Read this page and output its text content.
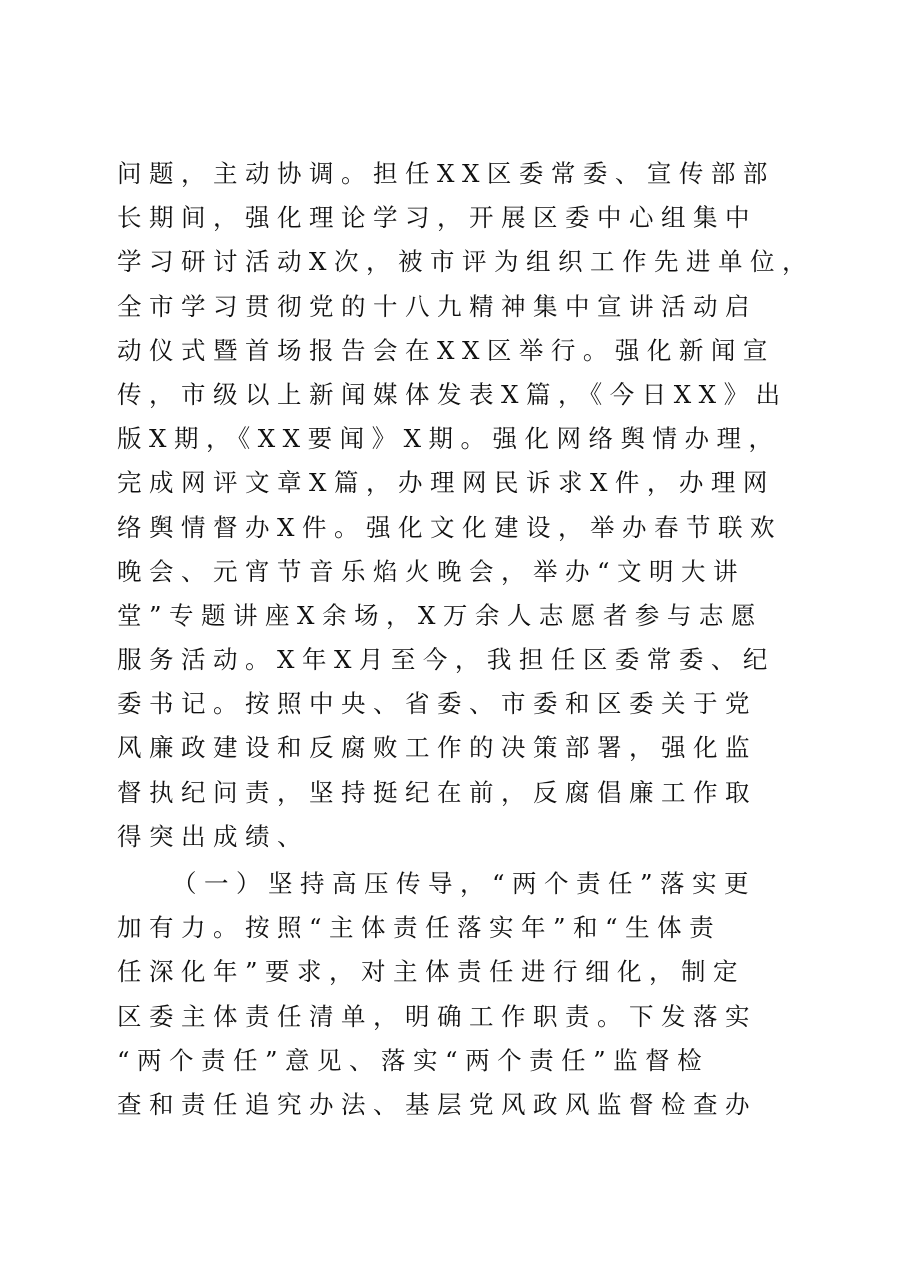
问题，主动协调。担任XX区委常委、宣传部部
长期间，强化理论学习，开展区委中心组集中
学习研讨活动X次，被市评为组织工作先进单位，
全市学习贯彻党的十八九精神集中宣讲活动启
动仪式暨首场报告会在XX区举行。强化新闻宣
传，市级以上新闻媒体发表X篇，《今日XX》出
版X期，《XX要闻》X期。强化网络舆情办理，
完成网评文章X篇，办理网民诉求X件，办理网
络舆情督办X件。强化文化建设，举办春节联欢
晚会、元宵节音乐焰火晚会，举办“文明大讲
堂”专题讲座X余场，X万余人志愿者参与志愿
服务活动。X年X月至今，我担任区委常委、纪
委书记。按照中央、省委、市委和区委关于党
风廉政建设和反腐败工作的决策部署，强化监
督执纪问责，坚持挺纪在前，反腐倡廉工作取
得突出成绩、
（一）坚持高压传导，“两个责任”落实更
加有力。按照“主体责任落实年”和“生体责
任深化年”要求，对主体责任进行细化，制定
区委主体责任清单，明确工作职责。下发落实
“两个责任”意见、落实“两个责任”监督检
查和责任追究办法、基层党风政风监督检查办
